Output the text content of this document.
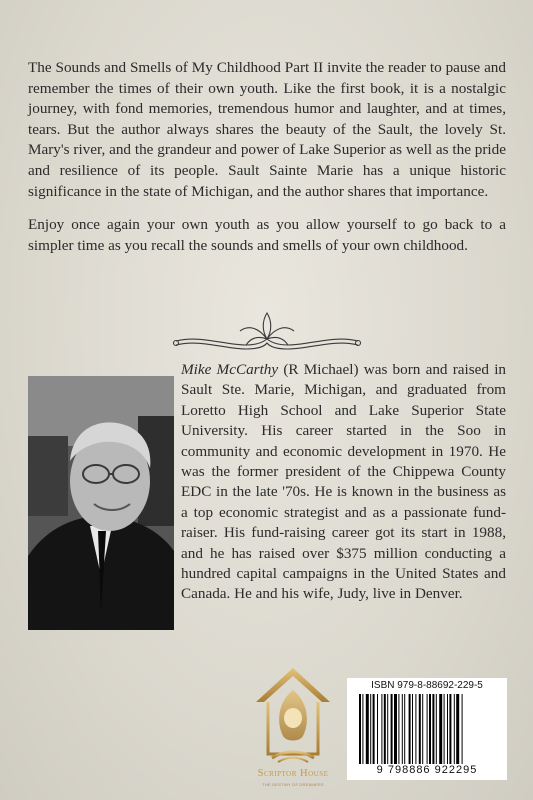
The Sounds and Smells of My Childhood Part II invite the reader to pause and remember the times of their own youth. Like the first book, it is a nostalgic journey, with fond memories, tremendous humor and laughter, and at times, tears. But the author always shares the beauty of the Sault, the lovely St. Mary's river, and the grandeur and power of Lake Superior as well as the pride and resilience of its people. Sault Sainte Marie has a unique historic significance in the state of Michigan, and the author shares that importance.

Enjoy once again your own youth as you allow yourself to go back to a simpler time as you recall the sounds and smells of your own childhood.

Mike McCarthy (R Michael) was born and raised in Sault Ste. Marie, Michigan, and graduated from Loretto High School and Lake Superior State University. His career started in the Soo in community and economic development in 1970. He was the former president of the Chippewa County EDC in the late '70s. He is known in the business as a top economic strategist and as a passionate fund-raiser. His fund-raising career got its start in 1988, and he has raised over $375 million conducting a hundred capital campaigns in the United States and Canada. He and his wife, Judy, live in Denver.

Scriptor House
THE DESTINY OF DREAMERS
ISBN 979-8-88692-229-5
9 798886 922295
